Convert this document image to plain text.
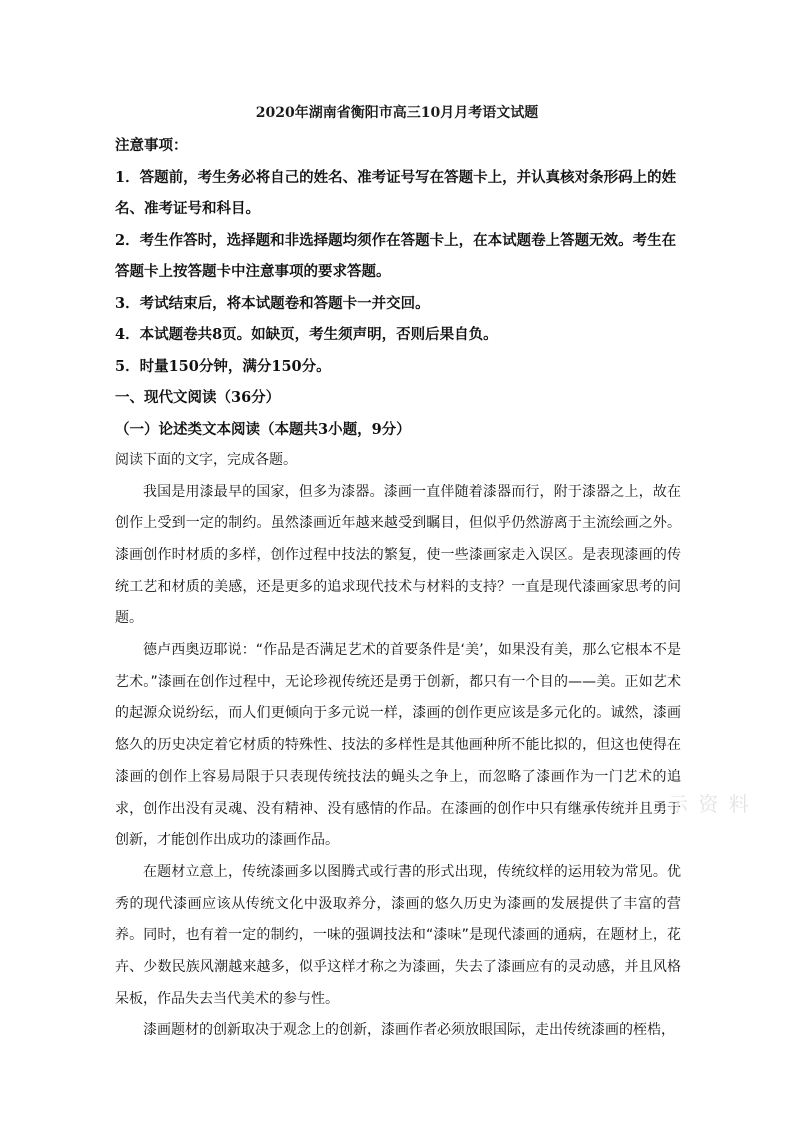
2020年湖南省衡阳市高三10月月考语文试题

注意事项：

1．答题前，考生务必将自己的姓名、准考证号写在答题卡上，并认真核对条形码上的姓名、准考证号和科目。

2．考生作答时，选择题和非选择题均须作在答题卡上，在本试题卷上答题无效。考生在答题卡上按答题卡中注意事项的要求答题。

3．考试结束后，将本试题卷和答题卡一并交回。

4．本试题卷共8页。如缺页，考生须声明，否则后果自负。

5．时量150分钟，满分150分。

一、现代文阅读（36分）

（一）论述类文本阅读（本题共3小题，9分）

阅读下面的文字，完成各题。

我国是用漆最早的国家，但多为漆器。漆画一直伴随着漆器而行，附于漆器之上，故在创作上受到一定的制约。虽然漆画近年越来越受到瞩目，但似乎仍然游离于主流绘画之外。漆画创作时材质的多样，创作过程中技法的繁复，使一些漆画家走入误区。是表现漆画的传统工艺和材质的美感，还是更多的追求现代技术与材料的支持？一直是现代漆画家思考的问题。

德卢西奥迈耶说：“作品是否满足艺术的首要条件是‘美’，如果没有美，那么它根本不是艺术。”漆画在创作过程中，无论珍视传统还是勇于创新，都只有一个目的——美。正如艺术的起源众说纷纭，而人们更倾向于多元说一样，漆画的创作更应该是多元化的。诚然，漆画悠久的历史决定着它材质的特殊性、技法的多样性是其他画种所不能比拟的，但这也使得在漆画的创作上容易局限于只表现传统技法的蝇头之争上，而忽略了漆画作为一门艺术的追求，创作出没有灵魂、没有精神、没有感情的作品。在漆画的创作中只有继承传统并且勇于创新，才能创作出成功的漆画作品。

在题材立意上，传统漆画多以图腾式或行書的形式出现，传统纹样的运用较为常见。优秀的现代漆画应该从传统文化中汲取养分，漆画的悠久历史为漆画的发展提供了丰富的营养。同时，也有着一定的制约，一味的强调技法和“漆味”是现代漆画的通病，在题材上，花卉、少数民族风潮越来越多，似乎这样才称之为漆画，失去了漆画应有的灵动感，并且风格呆板，作品失去当代美术的参与性。

漆画题材的创新取决于观念上的创新，漆画作者必须放眼国际，走出传统漆画的桎梏，

示 资 料
